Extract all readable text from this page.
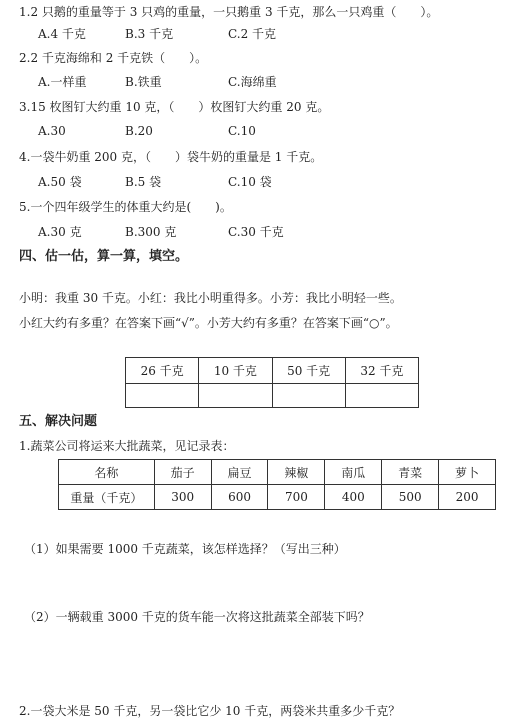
1.2 只鹅的重量等于 3 只鸡的重量，一只鹅重 3 千克，那么一只鸡重（　　）。
A.4 千克	B.3 千克	C.2 千克
2.2 千克海绵和 2 千克铁（　　）。
A.一样重	B.铁重	C.海绵重
3.15 枚图钉大约重 10 克，（　　）枚图钉大约重 20 克。
A.30	B.20	C.10
4.一袋牛奶重 200 克，（　　）袋牛奶的重量是 1 千克。
A.50 袋	B.5 袋	C.10 袋
5.一个四年级学生的体重大约是(　　)。
A.30 克	B.300 克	C.30 千克
四、估一估，算一算，填空。
小明：我重 30 千克。小红：我比小明重得多。小芳：我比小明轻一些。
小红大约有多重？在答案下画“√”。小芳大约有多重？在答案下画“○”。
26 千克	10 千克	50 千克	32 千克

五、解决问题
1.蔬菜公司将运来大批蔬菜，见记录表：
名称	茄子	扁豆	辣椒	南瓜	青菜	萝卜
重量（千克）	300	600	700	400	500	200
（1）如果需要 1000 千克蔬菜，该怎样选择？（写出三种）
（2）一辆载重 3000 千克的货车能一次将这批蔬菜全部装下吗？
2.一袋大米是 50 千克，另一袋比它少 10 千克，两袋米共重多少千克？
